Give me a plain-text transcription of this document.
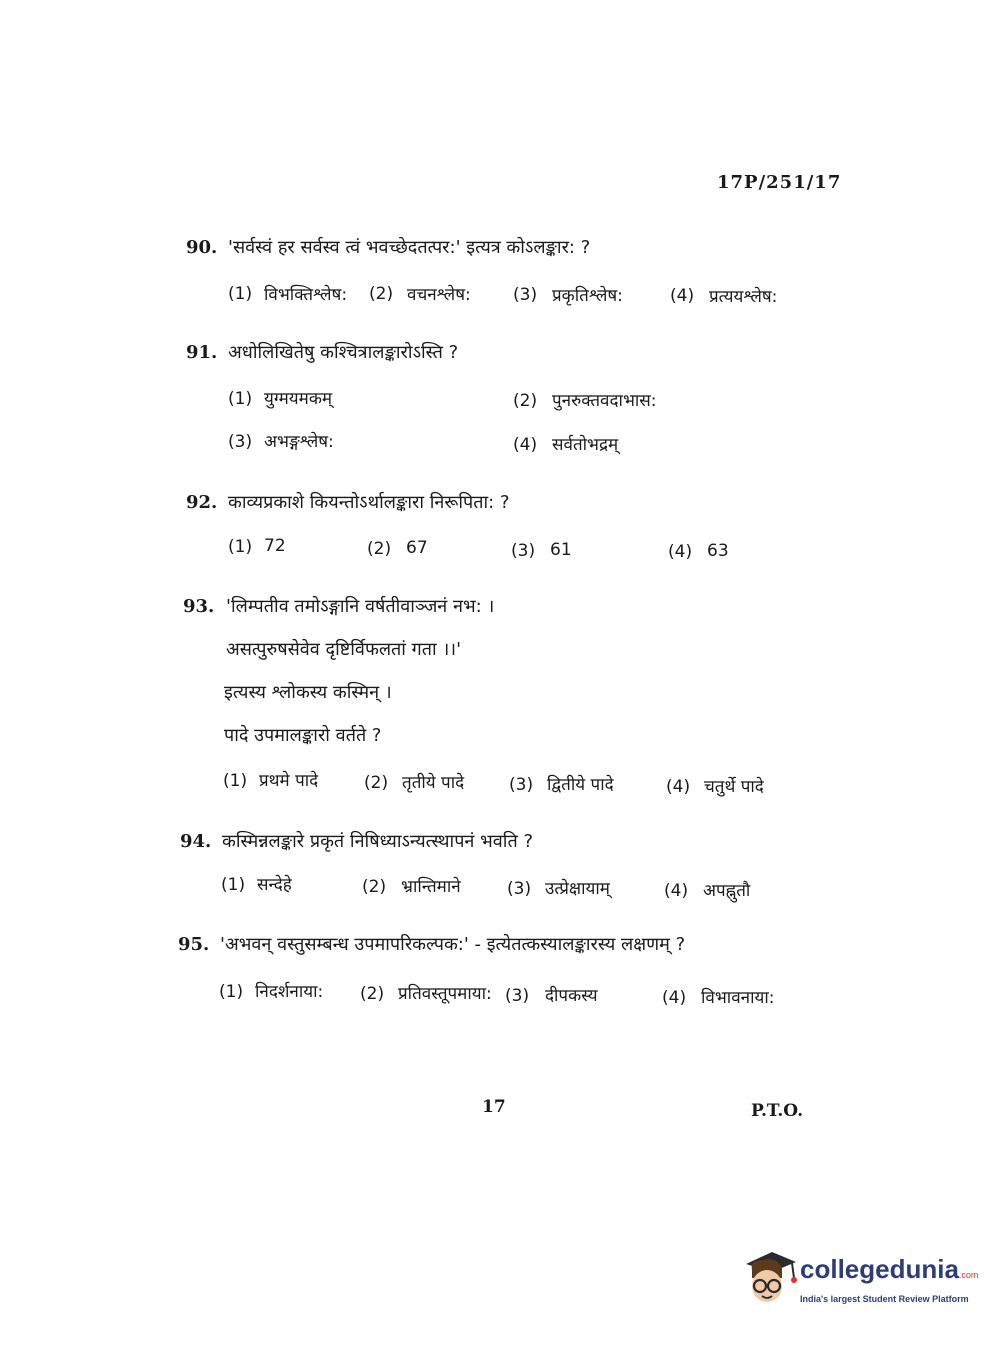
17P/251/17
90. 'सर्वस्वं हर सर्वस्व त्वं भवच्छेदतत्पर:' इत्यत्र कोऽलङ्कार: ?
(1) विभक्तिश्लेष: (2) वचनश्लेष: (3) प्रकृतिश्लेष:	(4) प्रत्ययश्लेष:
91. अधोलिखितेषु कश्चित्रालङ्कारोऽस्ति ?
(1) युग्मयमकम्	(2) पुनरुक्तवदाभास:
(3) अभङ्गश्लेष:	(4) सर्वतोभद्रम्
92. काव्यप्रकाशे कियन्तोऽर्थालङ्कारा निरूपिता: ?
(1) 72	(2) 67	(3) 61	(4) 63
93. 'लिम्पतीव तमोऽङ्गानि वर्षतीवाञ्जनं नभ: ।
असत्पुरुषसेवेव दृष्टिर्विफलतां गता ।।'
इत्यस्य श्लोकस्य कस्मिन् ।
पादे उपमालङ्कारो वर्तते ?
(1) प्रथमे पादे	(2) तृतीये पादे	(3) द्वितीये पादे	(4) चतुर्थे पादे
94. कस्मिन्नलङ्कारे प्रकृतं निषिध्याऽन्यत्स्थापनं भवति ?
(1) सन्देहे	(2) भ्रान्तिमाने	(3) उत्प्रेक्षायाम्	(4) अपह्नुतौ
95. 'अभवन् वस्तुसम्बन्ध उपमापरिकल्पक:' - इत्येतत्कस्यालङ्कारस्य लक्षणम् ?
(1) निदर्शनाया: (2) प्रतिवस्तूपमाया: (3) दीपकस्य	(4) विभावनाया:
17	P.T.O.
collegedunia.com
India's largest Student Review Platform
